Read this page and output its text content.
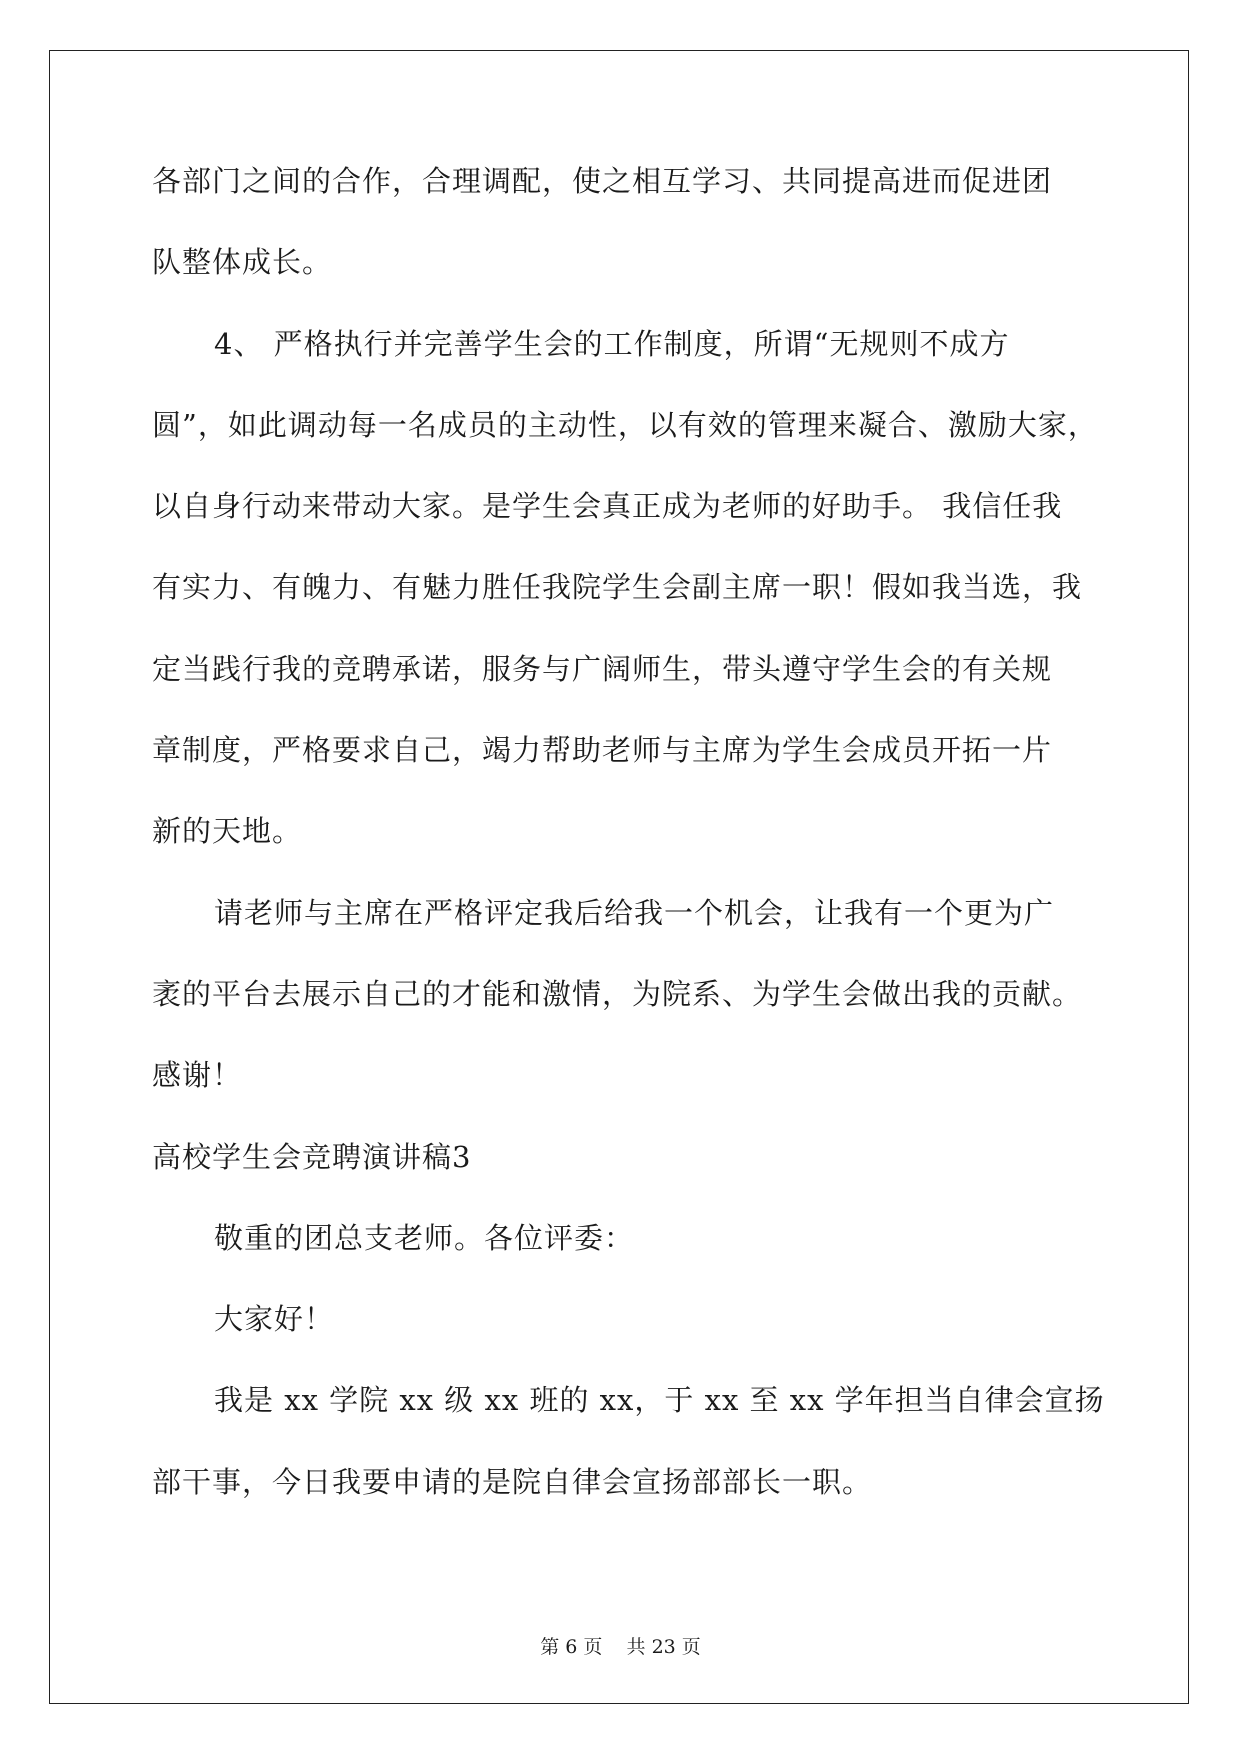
各部门之间的合作，合理调配，使之相互学习、共同提高进而促进团
队整体成长。
4、 严格执行并完善学生会的工作制度，所谓“无规则不成方
圆”，如此调动每一名成员的主动性，以有效的管理来凝合、激励大家，
以自身行动来带动大家。是学生会真正成为老师的好助手。 我信任我
有实力、有魄力、有魅力胜任我院学生会副主席一职！假如我当选，我
定当践行我的竞聘承诺，服务与广阔师生，带头遵守学生会的有关规
章制度，严格要求自己，竭力帮助老师与主席为学生会成员开拓一片
新的天地。
请老师与主席在严格评定我后给我一个机会，让我有一个更为广
袤的平台去展示自己的才能和激情，为院系、为学生会做出我的贡献。
感谢！
高校学生会竞聘演讲稿3
敬重的团总支老师。各位评委：
大家好！
我是 xx 学院 xx 级 xx 班的 xx，于 xx 至 xx 学年担当自律会宣扬
部干事，今日我要申请的是院自律会宣扬部部长一职。
第 6 页 共 23 页
